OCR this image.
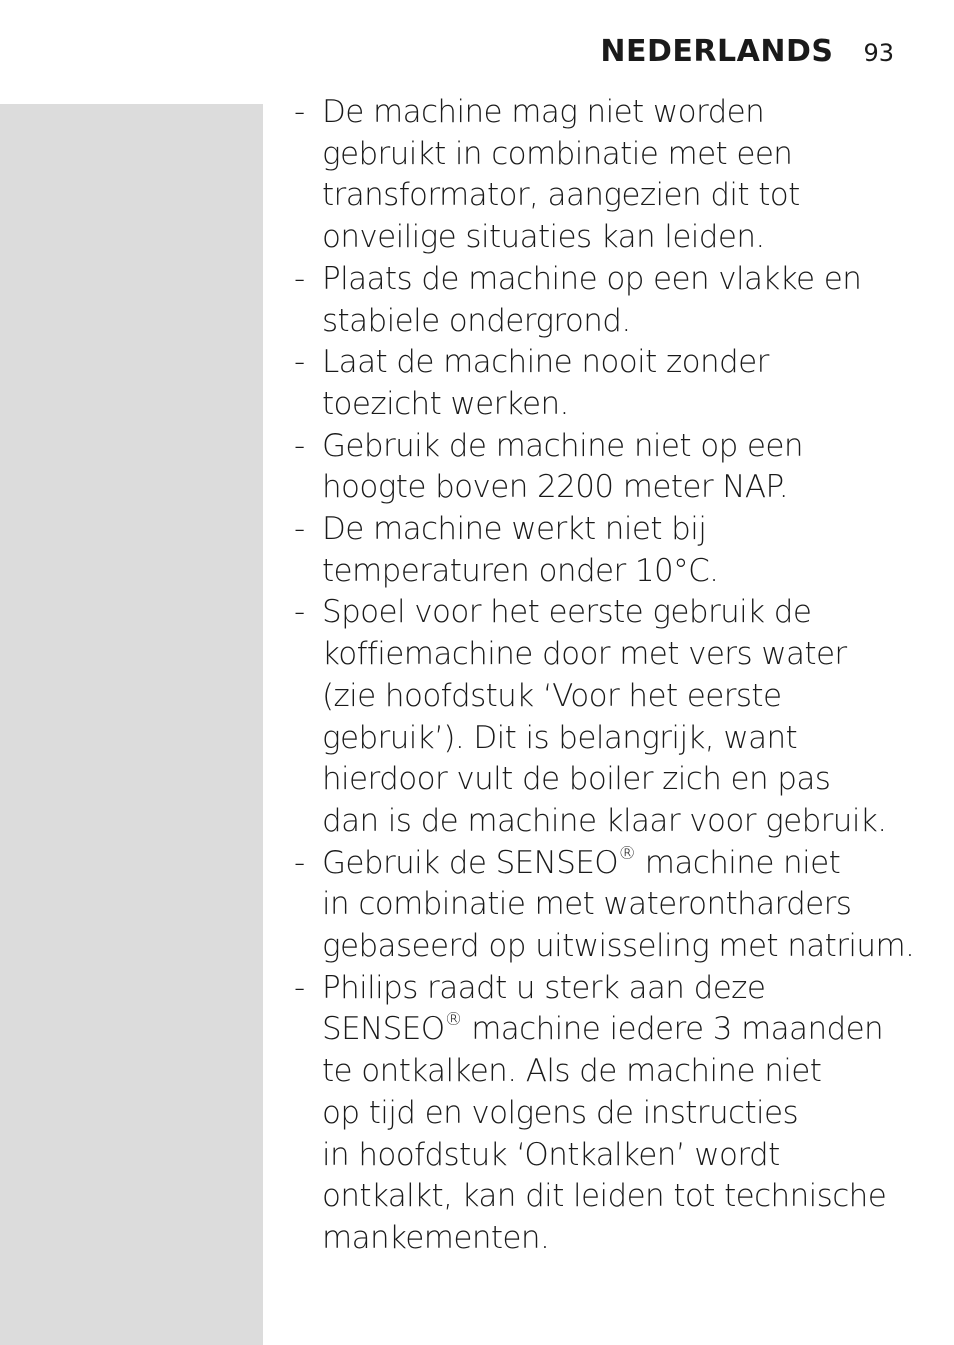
NEDERLANDS 93
- De machine mag niet worden
gebruikt in combinatie met een
transformator, aangezien dit tot
onveilige situaties kan leiden.
- Plaats de machine op een vlakke en
stabiele ondergrond.
- Laat de machine nooit zonder
toezicht werken.
- Gebruik de machine niet op een
hoogte boven 2200 meter NAP.
- De machine werkt niet bij
temperaturen onder 10°C.
- Spoel voor het eerste gebruik de
koffiemachine door met vers water
(zie hoofdstuk ‘Voor het eerste
gebruik’). Dit is belangrijk, want
hierdoor vult de boiler zich en pas
dan is de machine klaar voor gebruik.
- Gebruik de SENSEO® machine niet
in combinatie met waterontharders
gebaseerd op uitwisseling met natrium.
- Philips raadt u sterk aan deze
SENSEO® machine iedere 3 maanden
te ontkalken. Als de machine niet
op tijd en volgens de instructies
in hoofdstuk ‘Ontkalken’ wordt
ontkalkt, kan dit leiden tot technische
mankementen.
